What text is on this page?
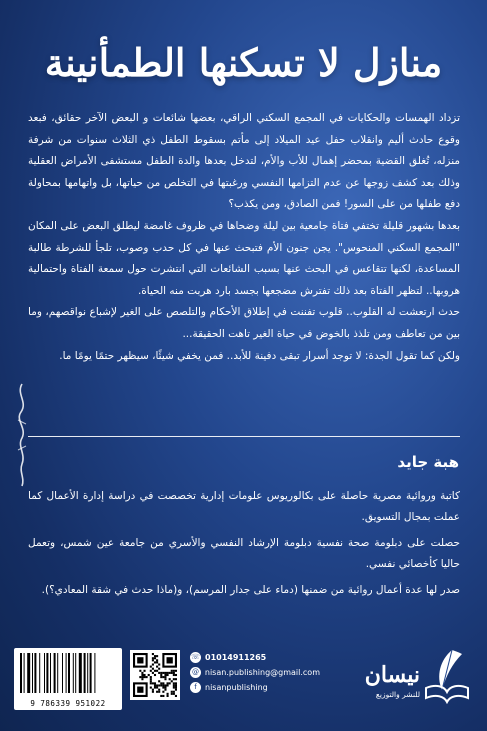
منازل لا تسكنها الطمأنينة

تزداد الهمسات والحكايات في المجمع السكني الراقي، بعضها شائعات و البعض الآخر حقائق، فبعد وقوع حادث أليم وانقلاب حفل عيد الميلاد إلى مأتم بسقوط الطفل ذي الثلاث سنوات من شرفة منزله، تُغلق القضية بمحضر إهمال للأب والأم، لتدخل بعدها والدة الطفل مستشفى الأمراض العقلية وذلك بعد كشف زوجها عن عدم التزامها النفسي ورغبتها في التخلص من حياتها، بل واتهامها بمحاولة دفع طفلها من على السور! فمن الصادق، ومن يكذب؟

بعدها بشهور قليلة تختفي فتاة جامعية بين ليلة وضحاها في ظروف غامضة ليطلق البعض على المكان "المجمع السكني المنحوس". يجن جنون الأم فتبحث عنها في كل حدب وصوب، تلجأ للشرطة طالبة المساعدة، لكنها تتقاعس في البحث عنها بسبب الشائعات التي انتشرت حول سمعة الفتاة واحتمالية هروبها.. لتظهر الفتاة بعد ذلك تفترش مضجعها بجسد بارد هربت منه الحياة.

حدث ارتعشت له القلوب.. قلوب تفننت في إطلاق الأحكام والتلصص على الغير لإشباع نواقصهم، وما بين من تعاطف ومن تلذذ بالخوض في حياة الغير تاهت الحقيقة...

ولكن كما تقول الجدة: لا توجد أسرار تبقى دفينة للأبد.. فمن يخفي شيئًا، سيظهر حتمًا يومًا ما.

هبة جايد

كاتبة وروائية مصرية حاصلة على بكالوريوس علومات إدارية تخصصت في دراسة إدارة الأعمال كما عملت بمجال التسويق.

حصلت على دبلومة صحة نفسية دبلومة الإرشاد النفسي والأسري من جامعة عين شمس، وتعمل حاليا كأخصائي نفسي.

صدر لها عدة أعمال روائية من ضمنها (دماء على جدار المرسم)، و(ماذا حدث في شقة المعادي؟).

9 786339 951022
☏ 01014911265
@ nisan.publishing@gmail.com
f	nisanpublishing	نيسان
للنشر والتوزيع
